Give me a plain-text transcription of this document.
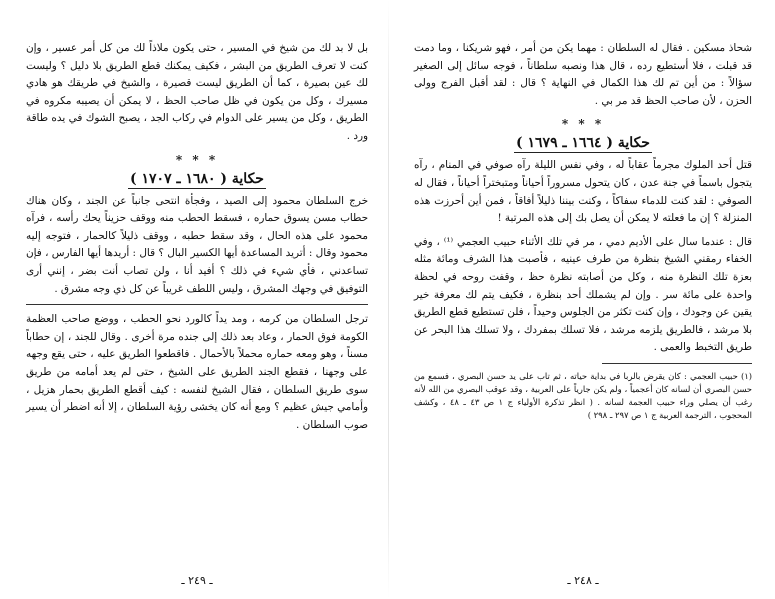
بل لا بد لك من شيخ في المسير ، حتى يكون ملاذاً لك من كل أمر عسير ، وإن كنت لا تعرف الطريق من البشر ، فكيف يمكنك قطع الطريق بلا دليل ؟ وليست لك عين بصيرة ، كما أن الطريق ليست قصيرة ، والشيخ في طريقك هو هادي مسيرك ، وكل من يكون في ظل صاحب الحظ ، لا يمكن أن يصيبه مكروه في الطريق ، وكل من يسير على الدوام في ركاب الجد ، يصبح الشوك في يده طاقة ورد .

* * *
حكاية ( ١٦٨٠ ـ ١٧٠٧ )

خرج السلطان محمود إلى الصيد ، وفجأة انتحى جانباً عن الجند ، وكان هناك حطاب مسن يسوق حماره ، فسقط الحطب منه ووقف حزيناً يحك رأسه ، فرآه محمود على هذه الحال ، وقد سقط حطبه ، ووقف ذليلاً كالحمار ، فتوجه إليه محمود وقال : أتريد المساعدة أيها الكسير البال ؟ قال : أريدها أيها الفارس ، فإن تساعدني ، فأي شيء في ذلك ؟ أفيد أنا ، ولن تصاب أنت بضر ، إنني أرى التوفيق في وجهك المشرق ، وليس اللطف غريباً عن كل ذي وجه مشرق .

ترجل السلطان من كرمه ، ومد يداً كالورد نحو الحطب ، ووضع صاحب العظمة الكومة فوق الحمار ، وعاد بعد ذلك إلى جنده مرة أخرى . وقال للجند ، إن حطاباً مسناً ، وهو ومعه حماره محملاً بالأحمال . فاقطعوا الطريق عليه ، حتى يقع وجهه على وجهنا ، فقطع الجند الطريق على الشيخ ، حتى لم يعد أمامه من طريق سوى طريق السلطان ، فقال الشيخ لنفسه : كيف أقطع الطريق بحمار هزيل ، وأمامي جيش عظيم ؟ ومع أنه كان يخشى رؤية السلطان ، إلا أنه اضطر أن يسير صوب السلطان .

ـ ٢٤٩ ـ

شحاذ مسكين . فقال له السلطان : مهما يكن من أمر ، فهو شريكنا ، وما دمت قد قبلت ، فلا أستطيع رده ، قال هذا ونصبه سلطاناً ، فوجه سائل إلى الصغير سؤالاً : من أين تم لك هذا الكمال في النهاية ؟ قال : لقد أقبل الفرج وولى الحزن ، لأن صاحب الحظ قد مر بي .

* * *
حكاية ( ١٦٦٤ ـ ١٦٧٩ )

قتل أحد الملوك مجرماً عقاباً له ، وفي نفس الليلة رآه صوفي في المنام ، رآه يتجول باسماً في جنة عدن ، كان يتحول مسروراً أحياناً ومتبختراً أحياناً ، فقال له الصوفي : لقد كنت للدماء سفاكاً ، وكنت بيننا ذليلاً أفاقاً ، فمن أين أحرزت هذه المنزلة ؟ إن ما فعلته لا يمكن أن يصل بك إلى هذه المرتبة !

قال : عندما سال على الأديم دمي ، مر في تلك الأثناء حبيب العجمي ⁽¹⁾ ، وفي الخفاء رمقني الشيخ بنظرة من طرف عينيه ، فأصبت هذا الشرف ومائة مثله بعزة تلك النظرة منه ، وكل من أصابته نظرة حظ ، وقفت روحه في لحظة واحدة على مائة سر . وإن لم يشملك أحد بنظرة ، فكيف يتم لك معرفة خير يقين عن وجودك ، وإن كنت تكثر من الجلوس وحيداً ، فلن تستطيع قطع الطريق بلا مرشد ، فالطريق يلزمه مرشد ، فلا تسلك بمفردك ، ولا تسلك هذا البحر عن طريق التخبط والعمى .

(١) حبيب العجمي : كان يقرض بالربا في بداية حياته ، ثم تاب على يد حسن البصري ، فسمع من حسن البصري أن لسانه كان أعجمياً ، ولم يكن جارياً على العربية ، وقد عوقب البصري من الله لأنه رغب أن يصلي وراء حبيب العجمة لسانه . ( انظر تذكرة الأولياء ج ١ ص ٤٣ ـ ٤٨ ، وكشف المحجوب ، الترجمة العربية ج ١ ص ٢٩٧ ـ ٢٩٨ )

ـ ٢٤٨ ـ
